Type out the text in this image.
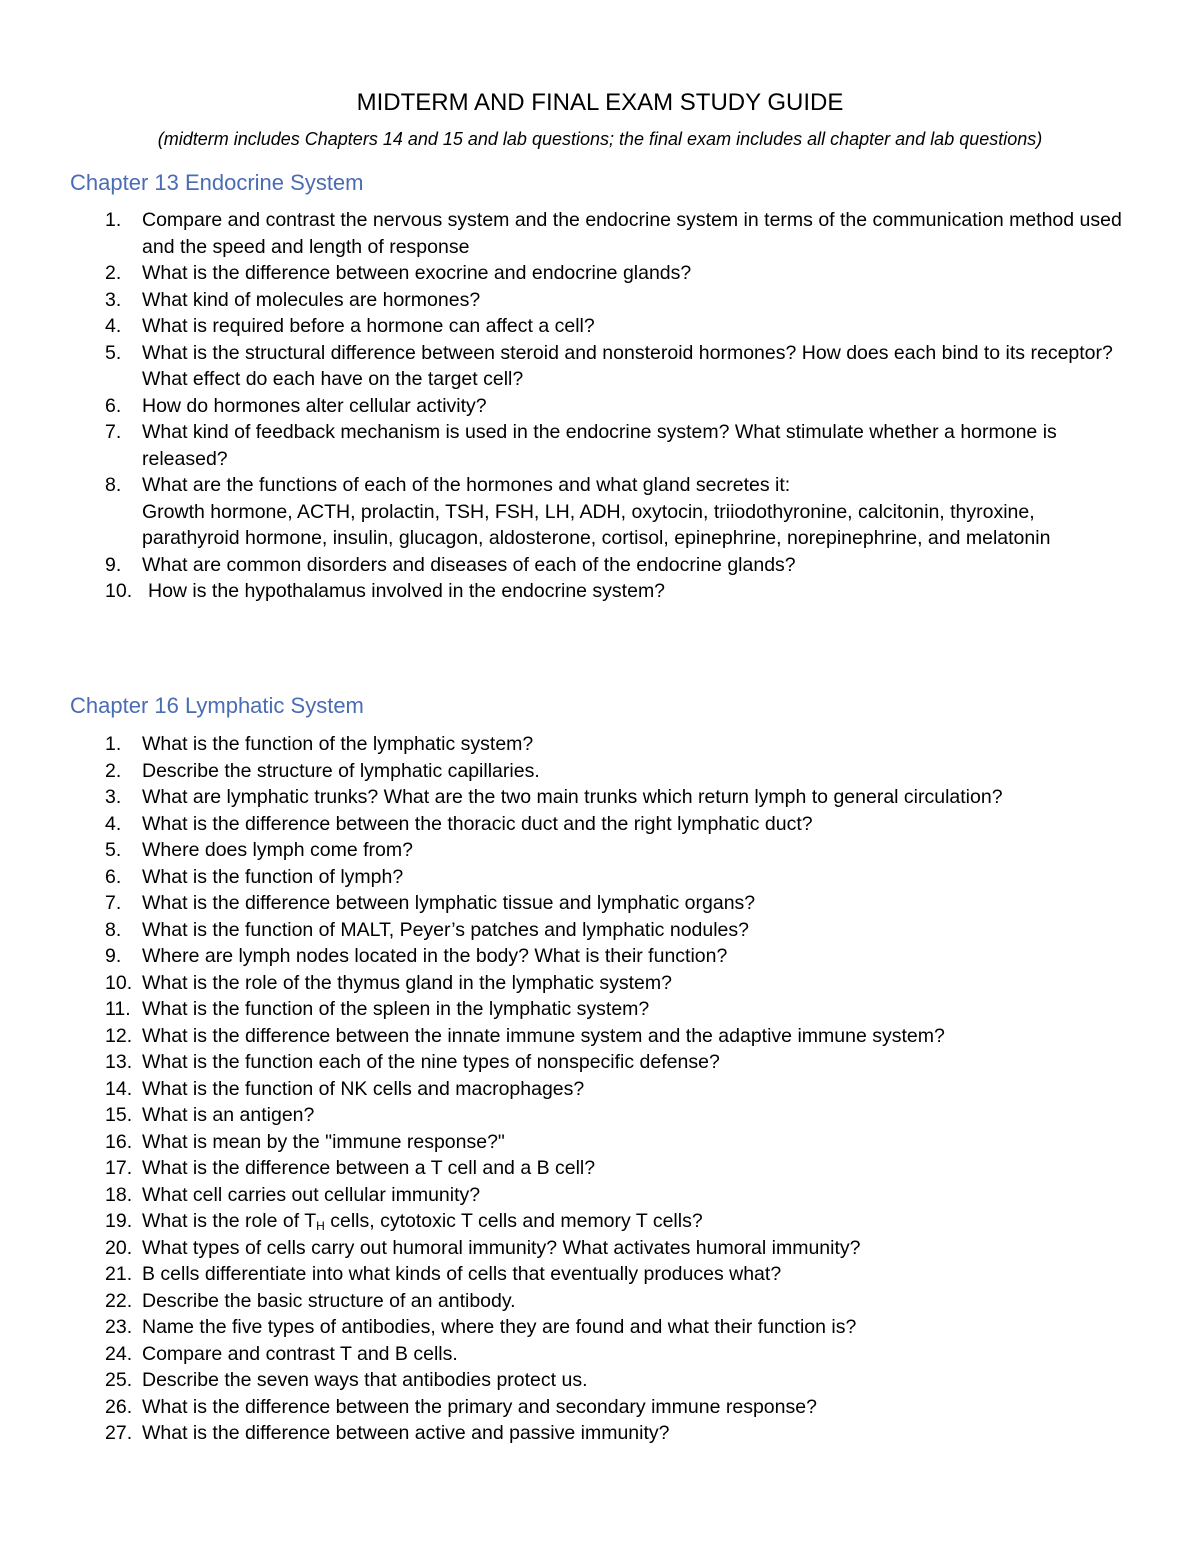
MIDTERM AND FINAL EXAM STUDY GUIDE
(midterm includes Chapters 14 and 15 and lab questions; the final exam includes all chapter and lab questions)
Chapter 13 Endocrine System
1. Compare and contrast the nervous system and the endocrine system in terms of the communication method used and the speed and length of response
2. What is the difference between exocrine and endocrine glands?
3. What kind of molecules are hormones?
4. What is required before a hormone can affect a cell?
5. What is the structural difference between steroid and nonsteroid hormones? How does each bind to its receptor? What effect do each have on the target cell?
6. How do hormones alter cellular activity?
7. What kind of feedback mechanism is used in the endocrine system? What stimulate whether a hormone is released?
8. What are the functions of each of the hormones and what gland secretes it:
Growth hormone, ACTH, prolactin, TSH, FSH, LH, ADH, oxytocin, triiodothyronine, calcitonin, thyroxine, parathyroid hormone, insulin, glucagon, aldosterone, cortisol, epinephrine, norepinephrine, and melatonin
9. What are common disorders and diseases of each of the endocrine glands?
10. How is the hypothalamus involved in the endocrine system?
Chapter 16 Lymphatic System
1. What is the function of the lymphatic system?
2. Describe the structure of lymphatic capillaries.
3. What are lymphatic trunks? What are the two main trunks which return lymph to general circulation?
4. What is the difference between the thoracic duct and the right lymphatic duct?
5. Where does lymph come from?
6. What is the function of lymph?
7. What is the difference between lymphatic tissue and lymphatic organs?
8. What is the function of MALT, Peyer’s patches and lymphatic nodules?
9. Where are lymph nodes located in the body? What is their function?
10. What is the role of the thymus gland in the lymphatic system?
11. What is the function of the spleen in the lymphatic system?
12. What is the difference between the innate immune system and the adaptive immune system?
13. What is the function each of the nine types of nonspecific defense?
14. What is the function of NK cells and macrophages?
15. What is an antigen?
16. What is mean by the "immune response?"
17. What is the difference between a T cell and a B cell?
18. What cell carries out cellular immunity?
19. What is the role of $T_H$ cells, cytotoxic T cells and memory T cells?
20. What types of cells carry out humoral immunity? What activates humoral immunity?
21. B cells differentiate into what kinds of cells that eventually produces what?
22. Describe the basic structure of an antibody.
23. Name the five types of antibodies, where they are found and what their function is?
24. Compare and contrast T and B cells.
25. Describe the seven ways that antibodies protect us.
26. What is the difference between the primary and secondary immune response?
27. What is the difference between active and passive immunity?
